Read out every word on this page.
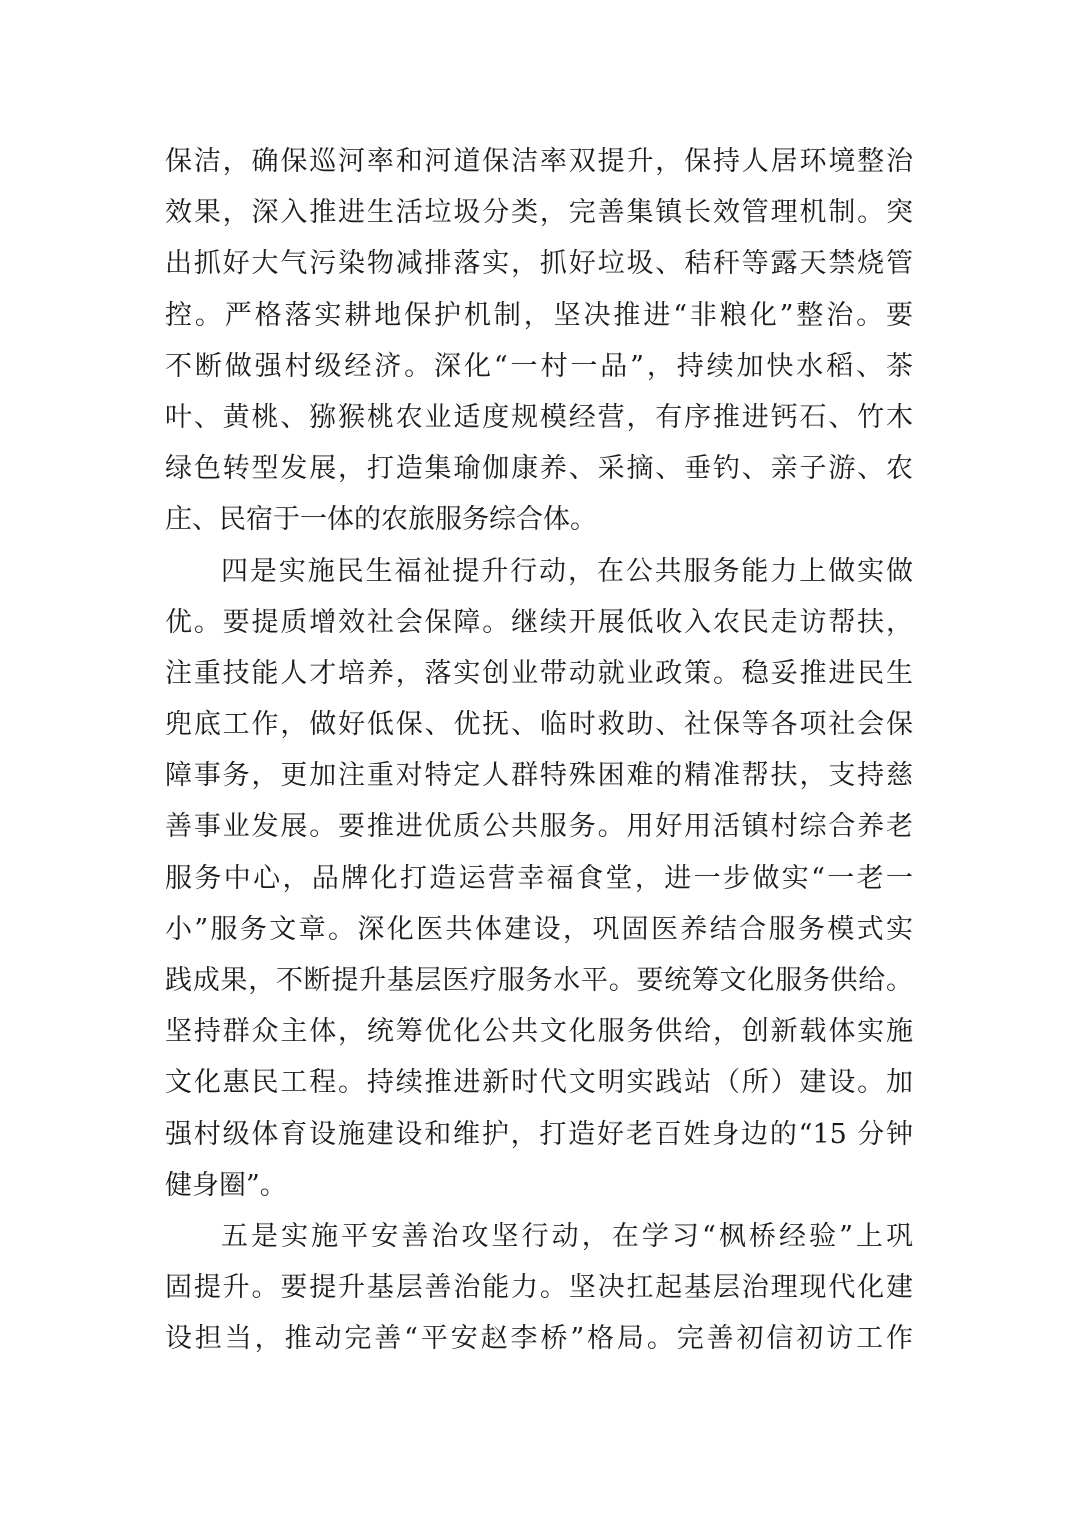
保洁，确保巡河率和河道保洁率双提升，保持人居环境整治
效果，深入推进生活垃圾分类，完善集镇长效管理机制。突
出抓好大气污染物减排落实，抓好垃圾、秸秆等露天禁烧管
控。严格落实耕地保护机制，坚决推进“非粮化”整治。要
不断做强村级经济。深化“一村一品”，持续加快水稻、茶
叶、黄桃、猕猴桃农业适度规模经营，有序推进钙石、竹木
绿色转型发展，打造集瑜伽康养、采摘、垂钓、亲子游、农
庄、民宿于一体的农旅服务综合体。
四是实施民生福祉提升行动，在公共服务能力上做实做
优。要提质增效社会保障。继续开展低收入农民走访帮扶，
注重技能人才培养，落实创业带动就业政策。稳妥推进民生
兜底工作，做好低保、优抚、临时救助、社保等各项社会保
障事务，更加注重对特定人群特殊困难的精准帮扶，支持慈
善事业发展。要推进优质公共服务。用好用活镇村综合养老
服务中心，品牌化打造运营幸福食堂，进一步做实“一老一
小”服务文章。深化医共体建设，巩固医养结合服务模式实
践成果，不断提升基层医疗服务水平。要统筹文化服务供给。
坚持群众主体，统筹优化公共文化服务供给，创新载体实施
文化惠民工程。持续推进新时代文明实践站（所）建设。加
强村级体育设施建设和维护，打造好老百姓身边的“15 分钟
健身圈”。
五是实施平安善治攻坚行动，在学习“枫桥经验”上巩
固提升。要提升基层善治能力。坚决扛起基层治理现代化建
设担当，推动完善“平安赵李桥”格局。完善初信初访工作
